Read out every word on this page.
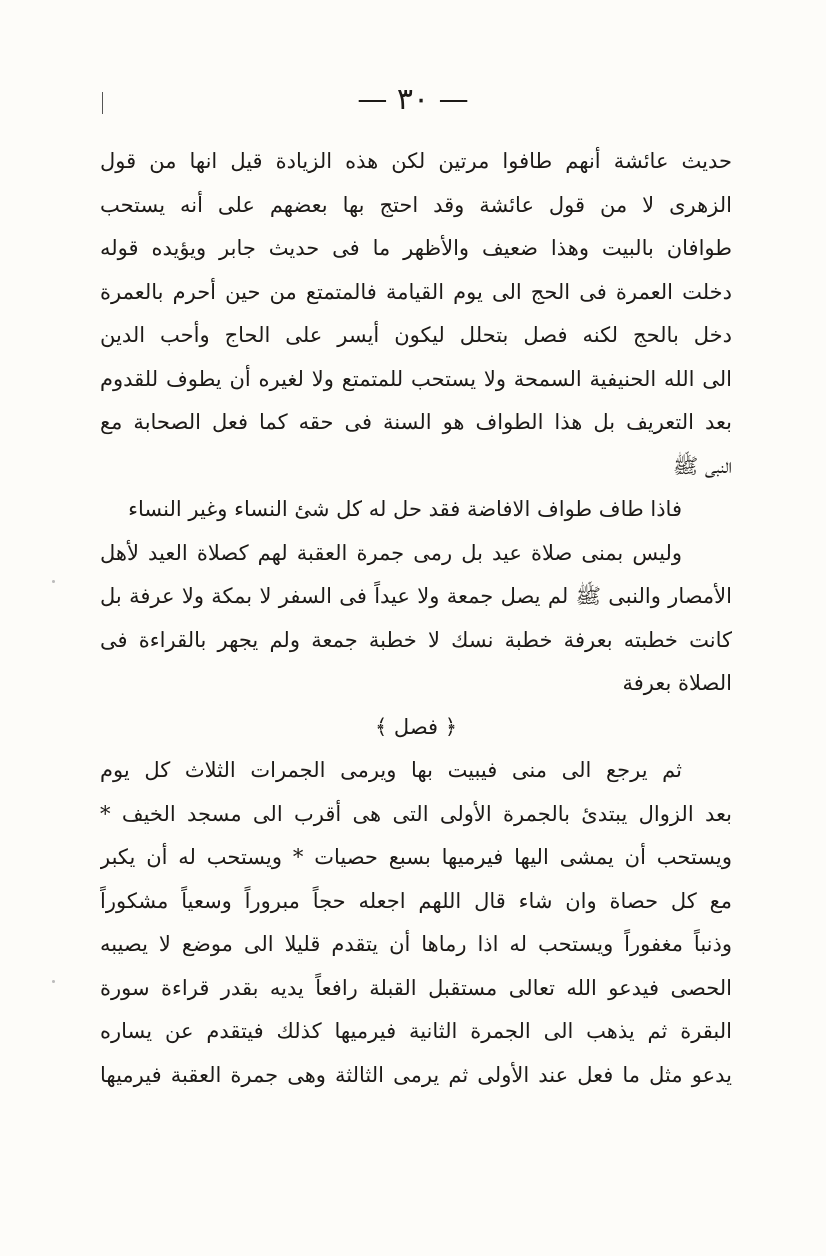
— ٣٠ —
حديث عائشة أنهم طافوا مرتين لكن هذه الزيادة قيل انها من قول
الزهرى لا من قول عائشة وقد احتج بها بعضهم على أنه يستحب
طوافان بالبيت وهذا ضعيف والأظهر ما فى حديث جابر ويؤيده قوله
دخلت العمرة فى الحج الى يوم القيامة فالمتمتع من حين أحرم بالعمرة
دخل بالحج لكنه فصل بتحلل ليكون أيسر على الحاج وأحب الدين
الى الله الحنيفية السمحة ولا يستحب للمتمتع ولا لغيره أن يطوف للقدوم
بعد التعريف بل هذا الطواف هو السنة فى حقه كما فعل الصحابة مع
النبى ﷺ
فاذا طاف طواف الافاضة فقد حل له كل شئ النساء وغير النساء
وليس بمنى صلاة عيد بل رمى جمرة العقبة لهم كصلاة العيد لأهل
الأمصار والنبى ﷺ لم يصل جمعة ولا عيداً فى السفر لا بمكة ولا عرفة بل
كانت خطبته بعرفة خطبة نسك لا خطبة جمعة ولم يجهر بالقراءة فى
الصلاة بعرفة
﴿ فصل ﴾
ثم يرجع الى منى فيبيت بها ويرمى الجمرات الثلاث كل يوم
بعد الزوال يبتدئ بالجمرة الأولى التى هى أقرب الى مسجد الخيف *
ويستحب أن يمشى اليها فيرميها بسبع حصيات * ويستحب له أن يكبر
مع كل حصاة وان شاء قال اللهم اجعله حجاً مبروراً وسعياً مشكوراً
وذنباً مغفوراً ويستحب له اذا رماها أن يتقدم قليلا الى موضع لا يصيبه
الحصى فيدعو الله تعالى مستقبل القبلة رافعاً يديه بقدر قراءة سورة
البقرة ثم يذهب الى الجمرة الثانية فيرميها كذلك فيتقدم عن يساره
يدعو مثل ما فعل عند الأولى ثم يرمى الثالثة وهى جمرة العقبة فيرميها
